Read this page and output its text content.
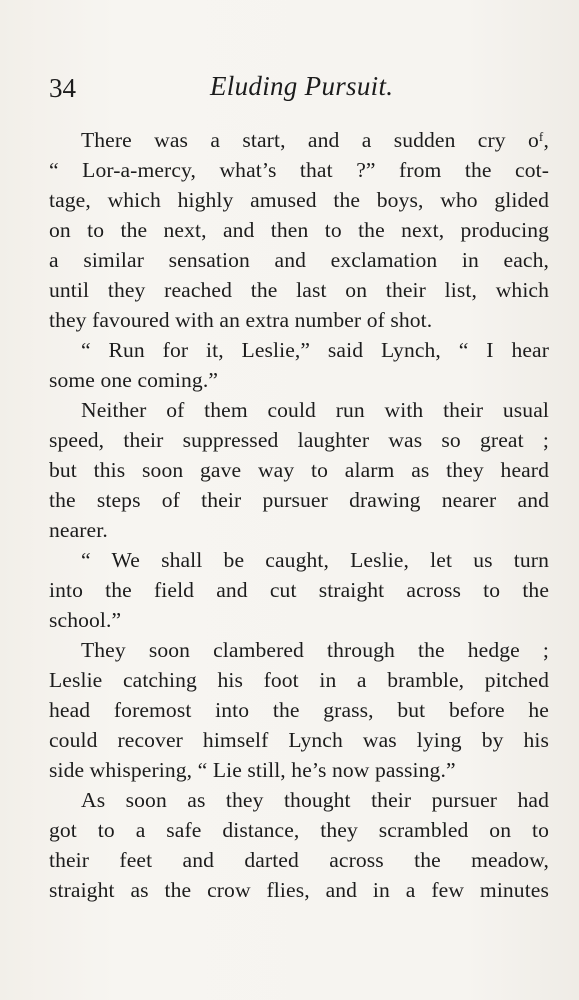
34	Eluding Pursuit.
There was a start, and a sudden cry oᶠ,
“ Lor-a-mercy, what’s that ?” from the cot-
tage, which highly amused the boys, who glided
on to the next, and then to the next, producing
a similar sensation and exclamation in each,
until they reached the last on their list, which
they favoured with an extra number of shot.
“ Run for it, Leslie,” said Lynch, “ I hear
some one coming.”
Neither of them could run with their usual
speed, their suppressed laughter was so great ;
but this soon gave way to alarm as they heard
the steps of their pursuer drawing nearer and
nearer.
“ We shall be caught, Leslie, let us turn
into the field and cut straight across to the
school.”
They soon clambered through the hedge ;
Leslie catching his foot in a bramble, pitched
head foremost into the grass, but before he
could recover himself Lynch was lying by his
side whispering, “ Lie still, he’s now passing.”
As soon as they thought their pursuer had
got to a safe distance, they scrambled on to
their feet and darted across the meadow,
straight as the crow flies, and in a few minutes
